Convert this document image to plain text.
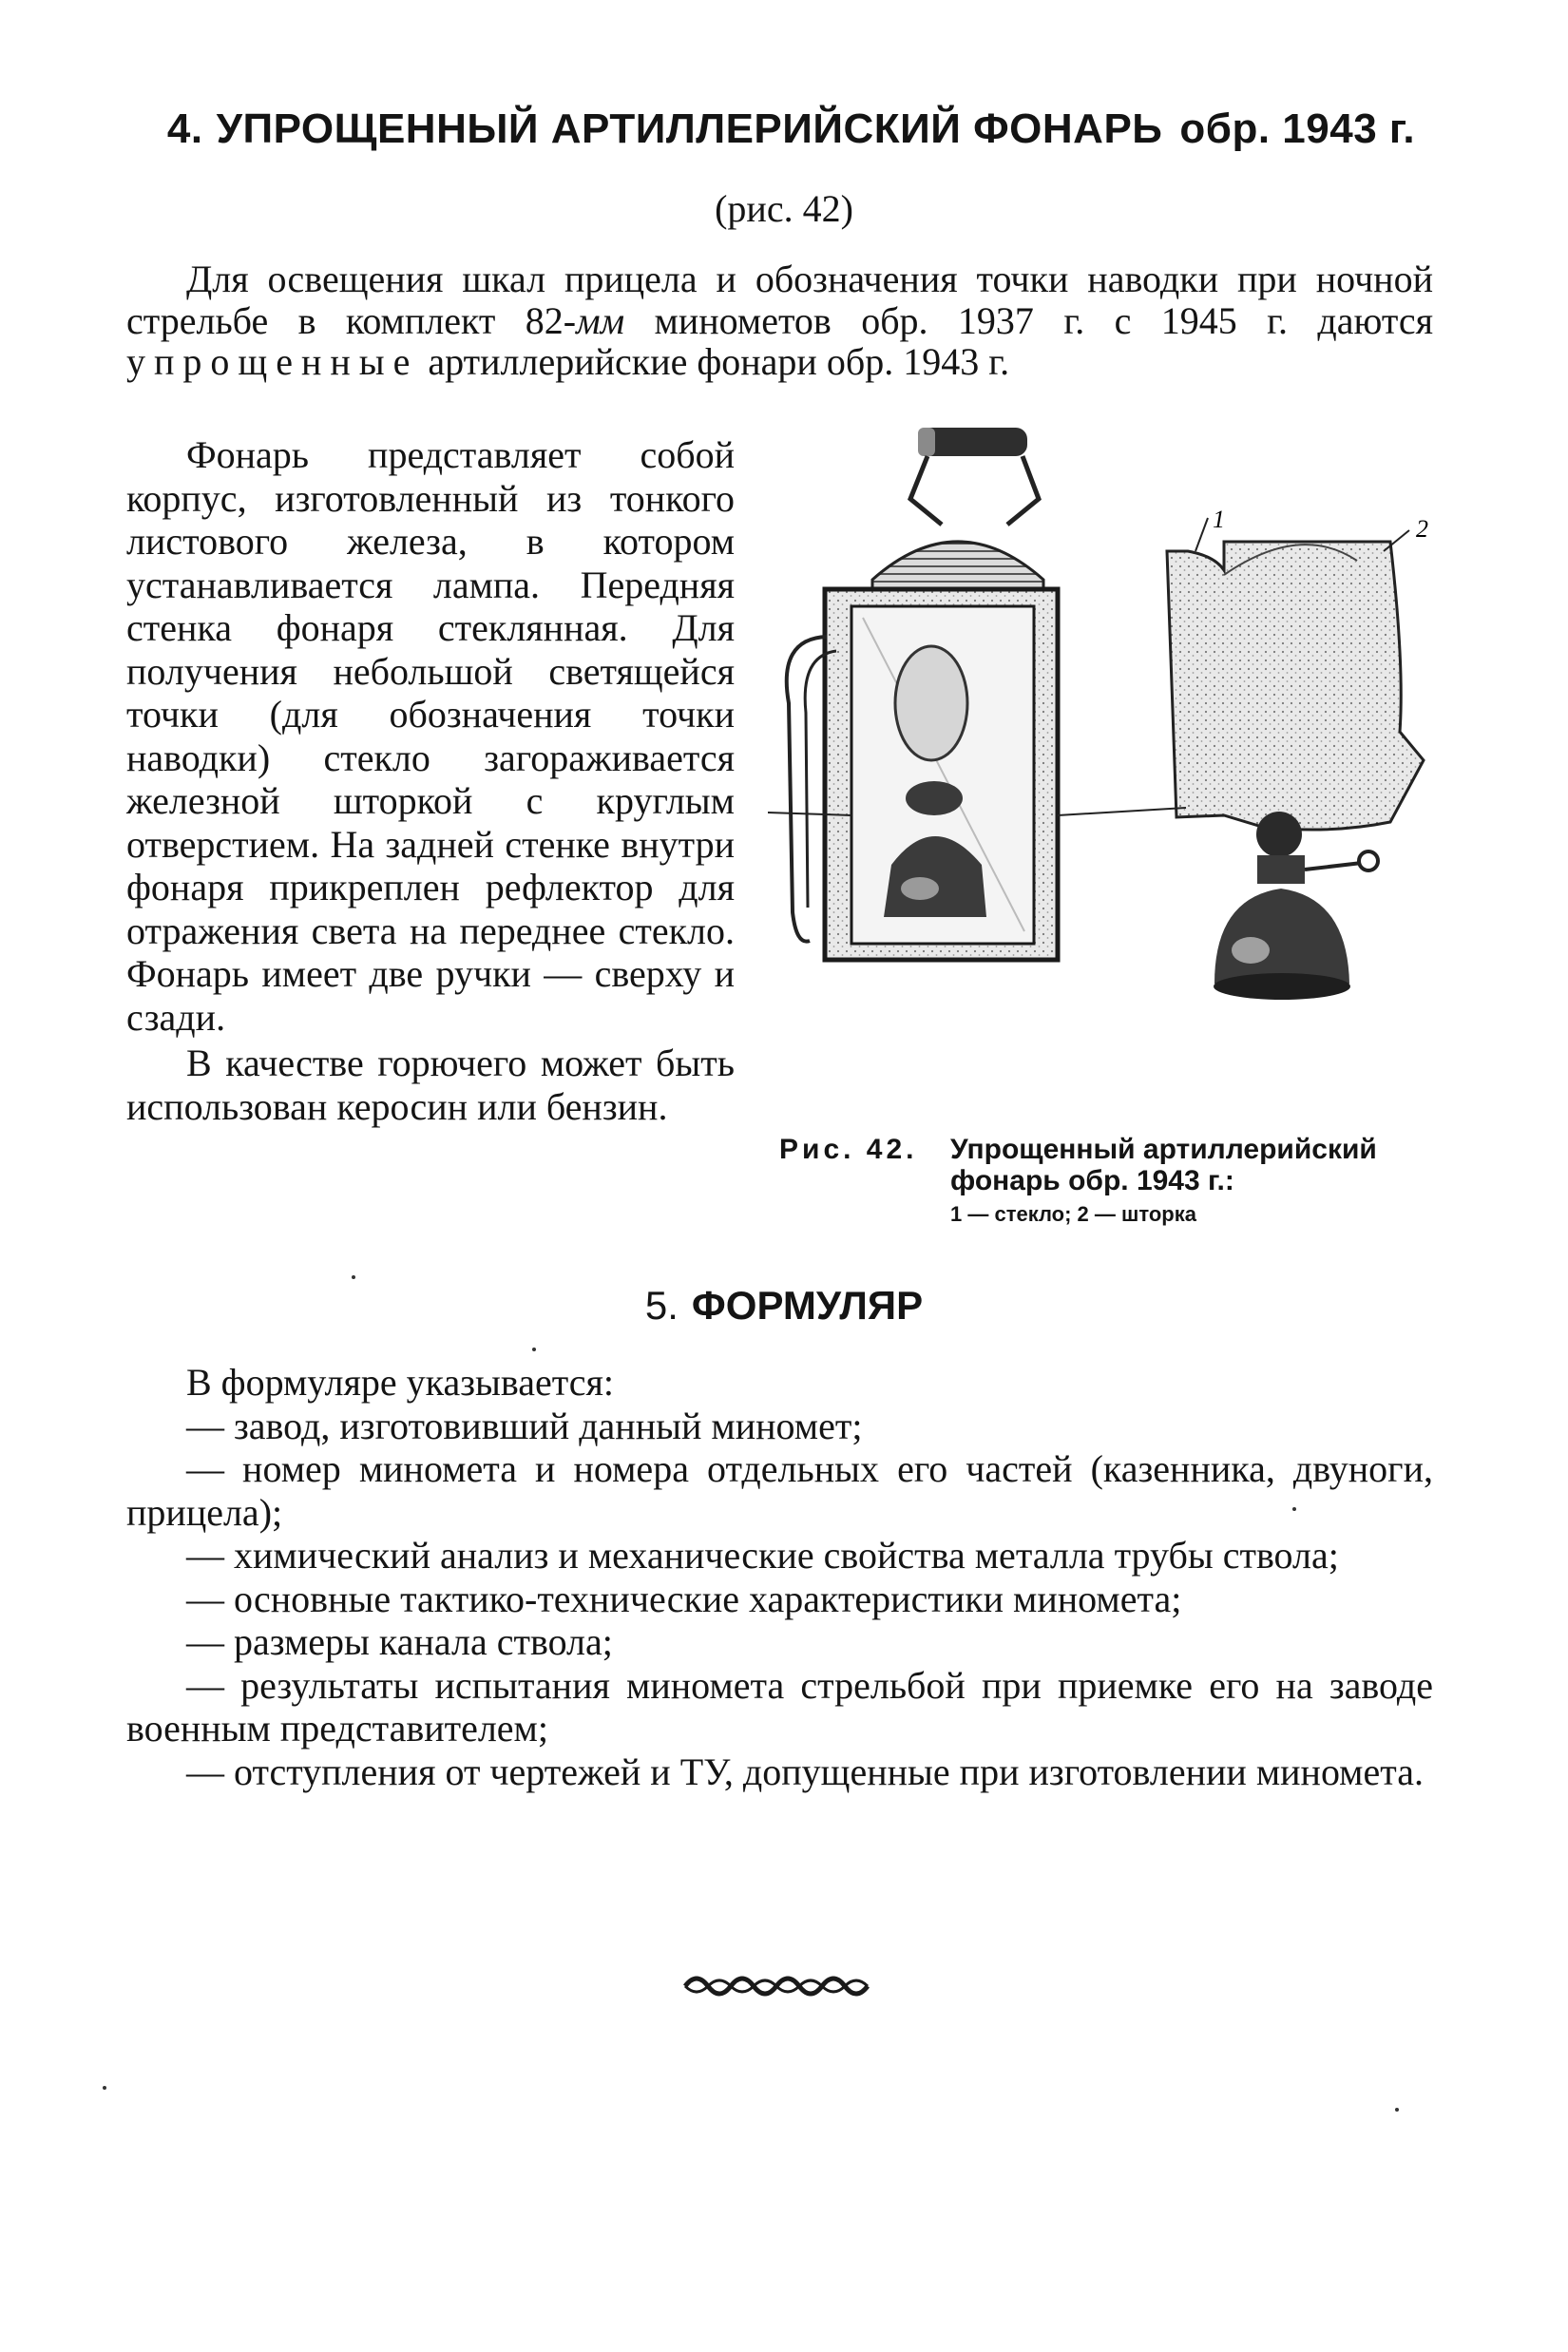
4. УПРОЩЕННЫЙ АРТИЛЛЕРИЙСКИЙ ФОНАРЬ обр. 1943 г.
(рис. 42)

Для освещения шкал прицела и обозначения точки наводки при ночной стрельбе в комплект 82-мм минометов обр. 1937 г. с 1945 г. даются упрощенные артиллерийские фонари обр. 1943 г.

Фонарь представляет собой корпус, изготовленный из тонкого листового железа, в котором устанавливается лампа. Передняя стенка фонаря стеклянная. Для получения небольшой светящейся точки (для обозначения точки наводки) стекло загораживается железной шторкой с круглым отверстием. На задней стенке внутри фонаря прикреплен рефлектор для отражения света на переднее стекло. Фонарь имеет две ручки — сверху и сзади.

В качестве горючего может быть использован керосин или бензин.

1	2
Рис. 42.	Упрощенный артиллерийский
фонарь обр. 1943 г.:
1 — стекло; 2 — шторка
5. ФОРМУЛЯР

В формуляре указывается:

— завод, изготовивший данный миномет;

— номер миномета и номера отдельных его частей (казенника, двуноги, прицела);

— химический анализ и механические свойства металла трубы ствола;

— основные тактико-технические характеристики миномета;

— размеры канала ствола;

— результаты испытания миномета стрельбой при приемке его на заводе военным представителем;

— отступления от чертежей и ТУ, допущенные при изготовлении миномета.
